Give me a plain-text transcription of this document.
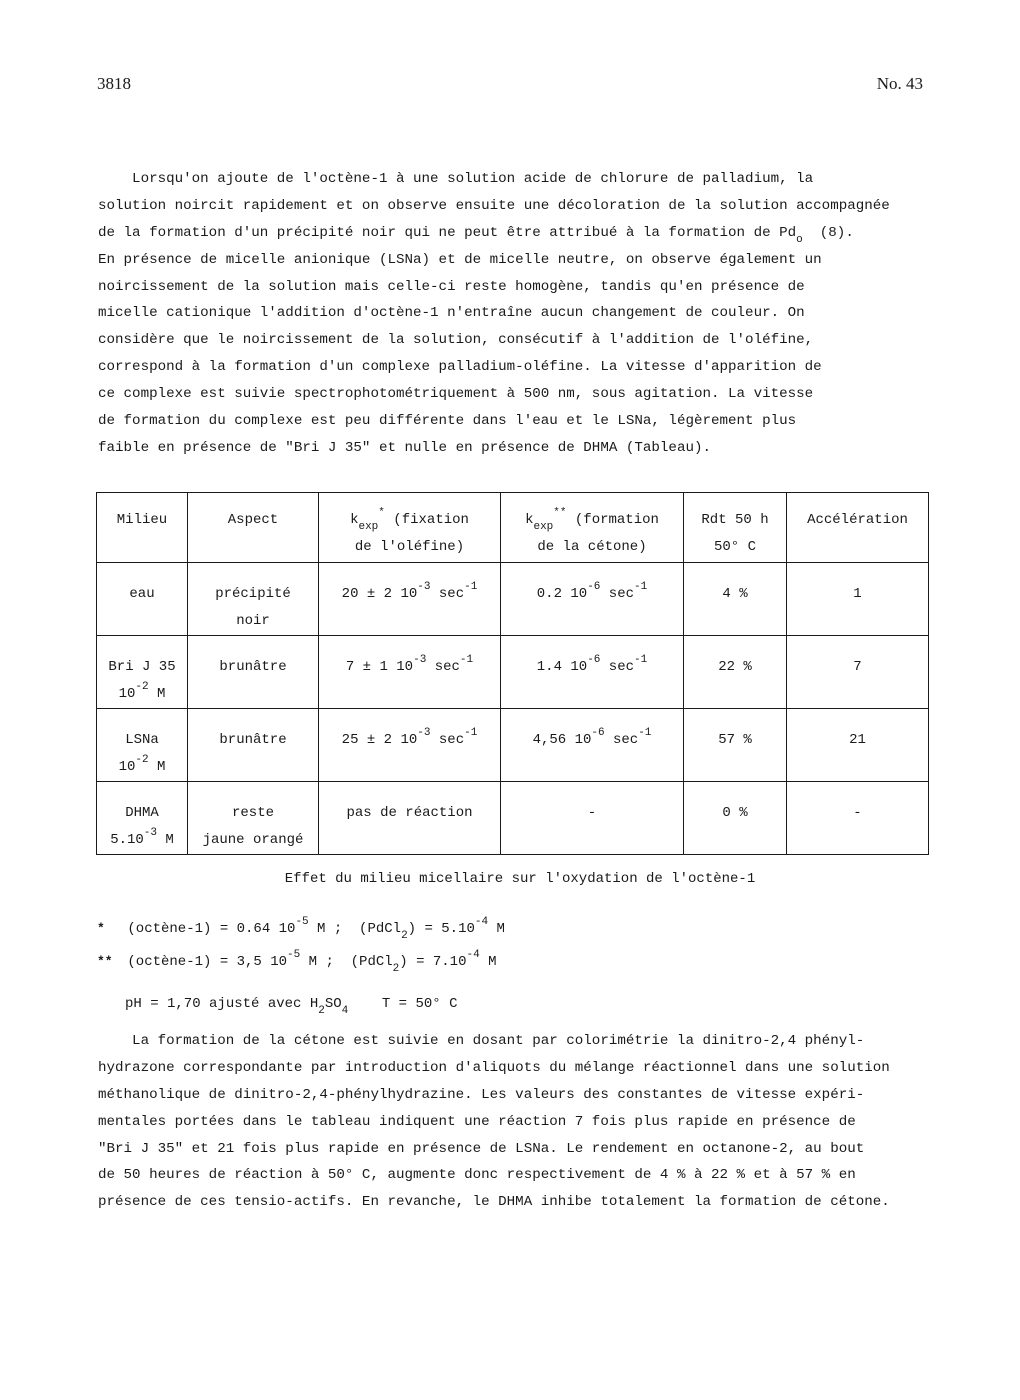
3818	No. 43
Lorsqu'on ajoute de l'octène-1 à une solution acide de chlorure de palladium, la
solution noircit rapidement et on observe ensuite une décoloration de la solution accompagnée
de la formation d'un précipité noir qui ne peut être attribué à la formation de $Pd_o$  (8).
En présence de micelle anionique (LSNa) et de micelle neutre, on observe également un
noircissement de la solution mais celle-ci reste homogène, tandis qu'en présence de
micelle cationique l'addition d'octène-1 n'entraîne aucun changement de couleur. On
considère que le noircissement de la solution, consécutif à l'addition de l'oléfine,
correspond à la formation d'un complexe palladium-oléfine. La vitesse d'apparition de
ce complexe est suivie spectrophotométriquement à 500 nm, sous agitation. La vitesse
de formation du complexe est peu différente dans l'eau et le LSNa, légèrement plus
faible en présence de "Bri J 35" et nulle en présence de DHMA (Tableau).
Milieu	Aspect	$k_{exp}^*$ (fixation
de l'oléfine)	$k_{exp}^{**}$ (formation
de la cétone)	Rdt 50 h
50° C	Accélération

eau	précipité
noir	20 ± 2 $10^{-3}$ $\sec^{-1}$	0.2 $10^{-6}$ $\sec^{-1}$	4 %	1

Bri J 35
$10^{-2}$ M	brunâtre	7 ± 1 $10^{-3}$ $\sec^{-1}$	1.4 $10^{-6}$ $\sec^{-1}$	22 %	7

LSNa
$10^{-2}$ M	brunâtre	25 ± 2 $10^{-3}$ $\sec^{-1}$	4,56 $10^{-6}$ $\sec^{-1}$	57 %	21

DHMA
$5.10^{-3}$ M	reste
jaune orangé	pas de réaction	-	0 %	-
Effet du milieu micellaire sur l'oxydation de l'octène-1
* (octène-1) = 0.64 $10^{-5}$ M ;  (PdCl$_2$) = $5.10^{-4}$ M
** (octène-1) = 3,5 $10^{-5}$ M ;  (PdCl$_2$) = $7.10^{-4}$ M
pH = 1,70 ajusté avec $H_2SO_4$    T = 50° C
La formation de la cétone est suivie en dosant par colorimétrie la dinitro-2,4 phényl-
hydrazone correspondante par introduction d'aliquots du mélange réactionnel dans une solution
méthanolique de dinitro-2,4-phénylhydrazine. Les valeurs des constantes de vitesse expéri-
mentales portées dans le tableau indiquent une réaction 7 fois plus rapide en présence de
"Bri J 35" et 21 fois plus rapide en présence de LSNa. Le rendement en octanone-2, au bout
de 50 heures de réaction à 50° C, augmente donc respectivement de 4 % à 22 % et à 57 % en
présence de ces tensio-actifs. En revanche, le DHMA inhibe totalement la formation de cétone.
